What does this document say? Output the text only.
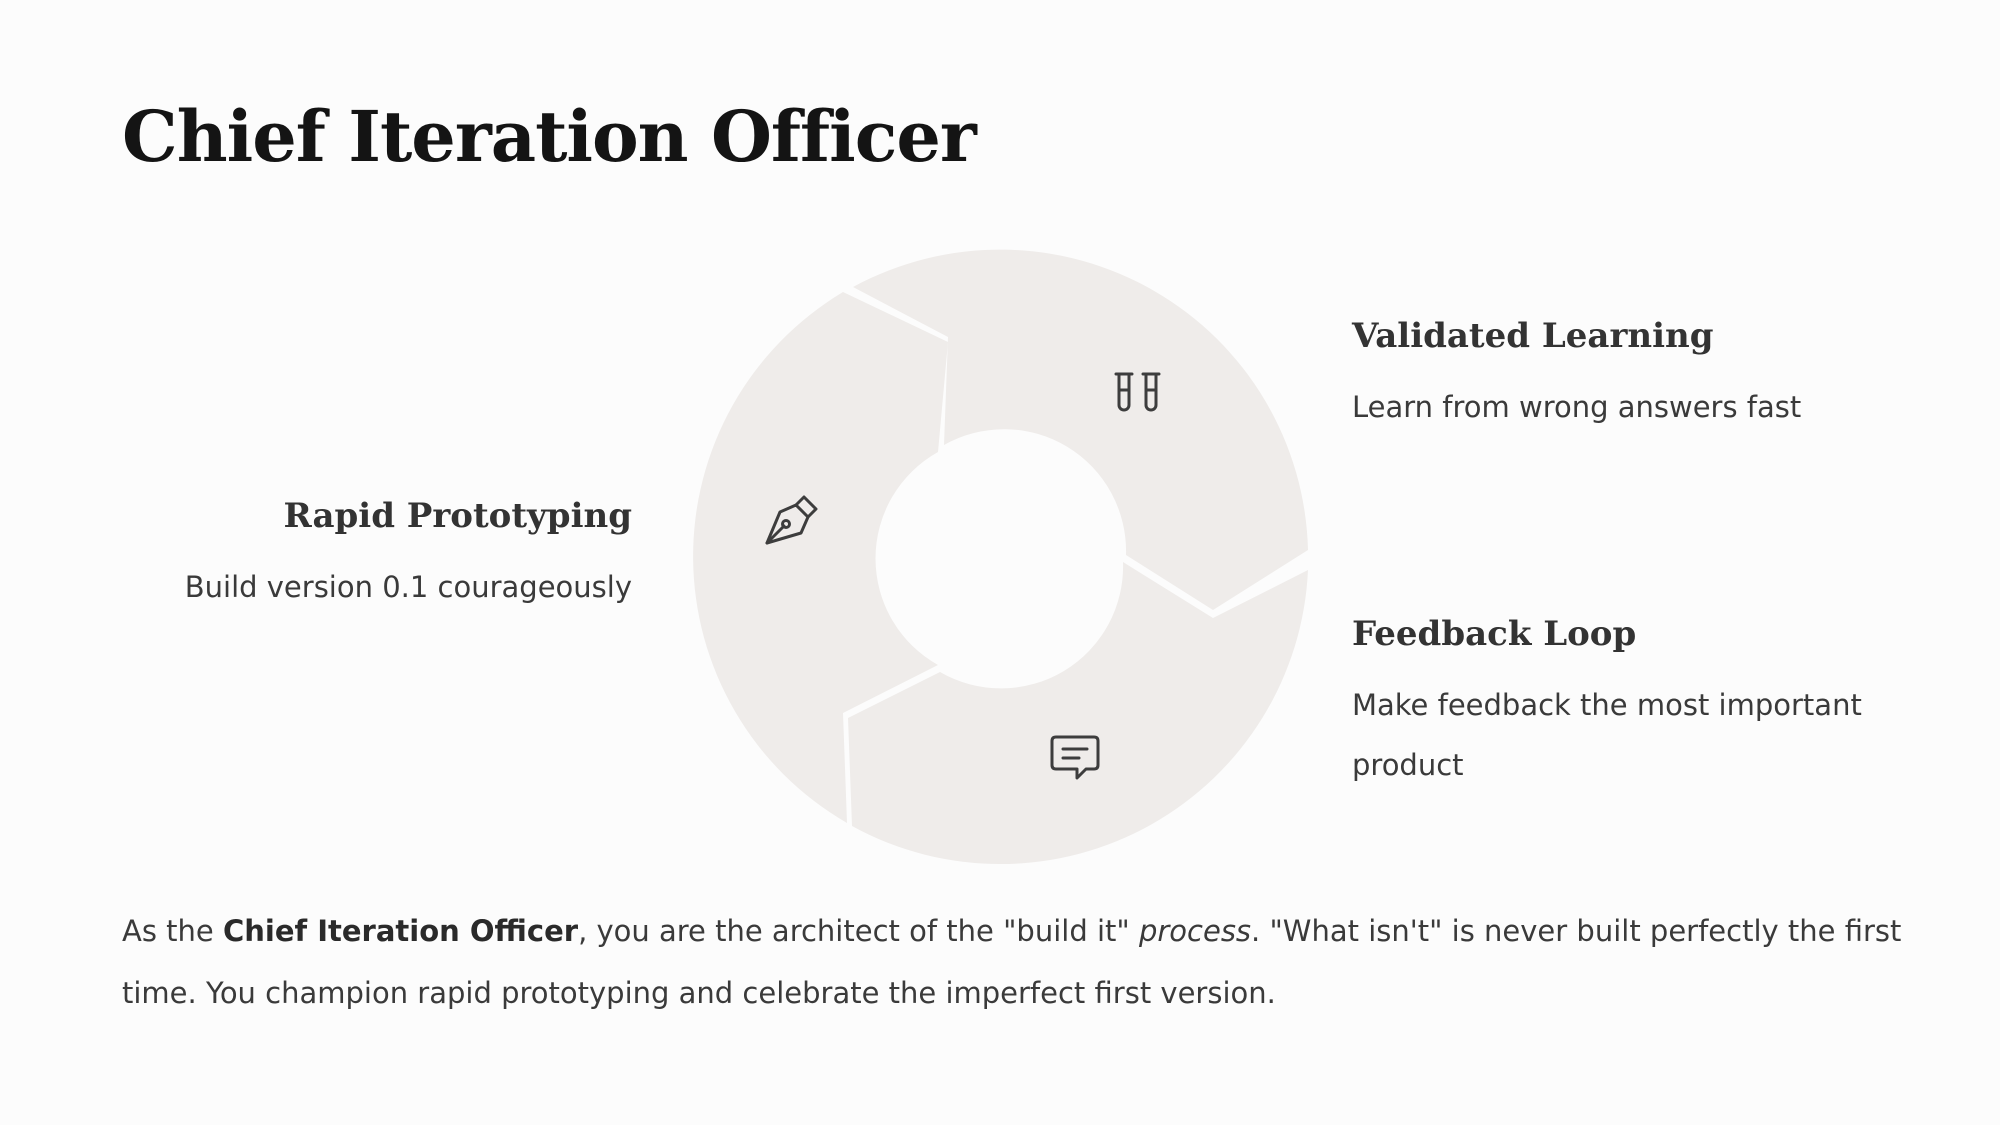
Chief Iteration Officer
Rapid Prototyping

Build version 0.1 courageously

Validated Learning

Learn from wrong answers fast

Feedback Loop

Make feedback the most important product

As the Chief Iteration Officer, you are the architect of the "build it" process. "What isn't" is never built perfectly the first time. You champion rapid prototyping and celebrate the imperfect first version.
